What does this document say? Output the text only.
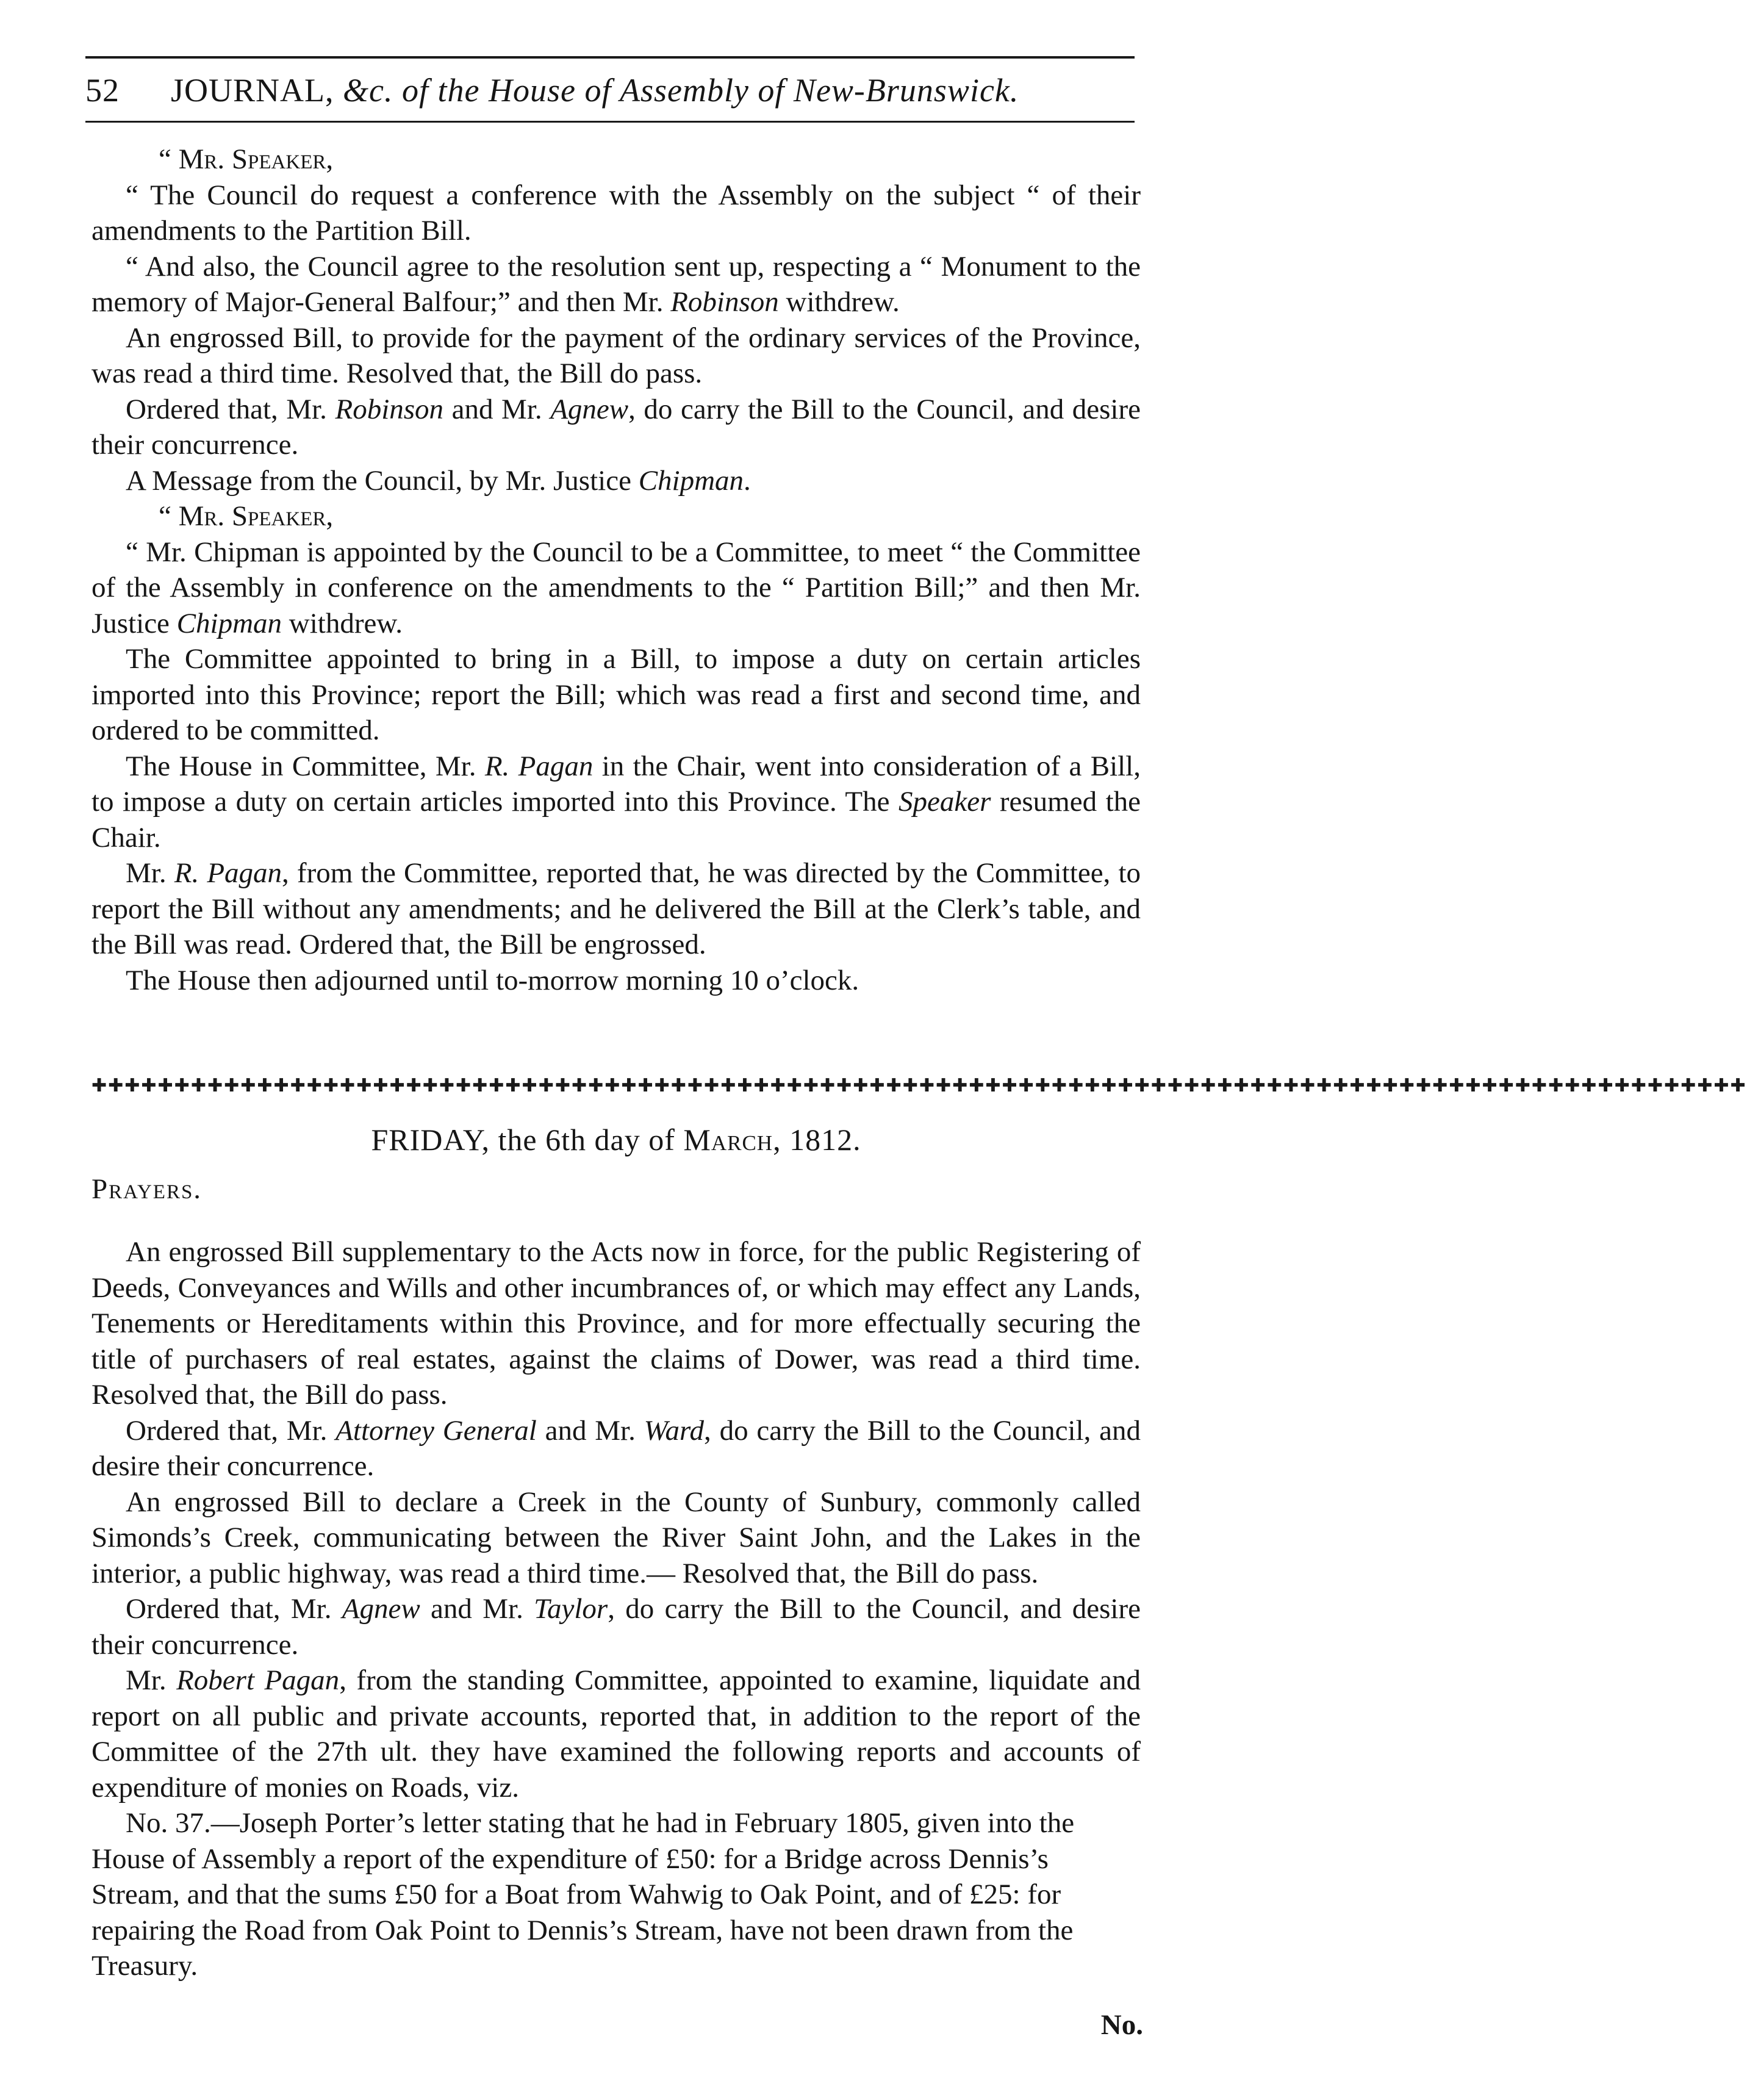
52 JOURNAL, &c. of the House of Assembly of New-Brunswick.

“ Mr. Speaker,

“ The Council do request a conference with the Assembly on the subject “ of their amendments to the Partition Bill.

“ And also, the Council agree to the resolution sent up, respecting a “ Monument to the memory of Major-General Balfour;” and then Mr. Robinson withdrew.

An engrossed Bill, to provide for the payment of the ordinary services of the Province, was read a third time. Resolved that, the Bill do pass.

Ordered that, Mr. Robinson and Mr. Agnew, do carry the Bill to the Council, and desire their concurrence.

A Message from the Council, by Mr. Justice Chipman.

“ Mr. Speaker,

“ Mr. Chipman is appointed by the Council to be a Committee, to meet “ the Committee of the Assembly in conference on the amendments to the “ Partition Bill;” and then Mr. Justice Chipman withdrew.

The Committee appointed to bring in a Bill, to impose a duty on certain articles imported into this Province; report the Bill; which was read a first and second time, and ordered to be committed.

The House in Committee, Mr. R. Pagan in the Chair, went into consideration of a Bill, to impose a duty on certain articles imported into this Province. The Speaker resumed the Chair.

Mr. R. Pagan, from the Committee, reported that, he was directed by the Committee, to report the Bill without any amendments; and he delivered the Bill at the Clerk’s table, and the Bill was read. Ordered that, the Bill be engrossed.

The House then adjourned until to-morrow morning 10 o’clock.

✚✚✚✚✚✚✚✚✚✚✚✚✚✚✚✚✚✚✚✚✚✚✚✚✚✚✚✚✚✚✚✚✚✚✚✚✚✚✚✚✚✚✚✚✚✚✚✚✚✚✚✚✚✚✚✚✚✚✚✚✚✚✚✚✚✚✚✚✚✚✚✚✚✚✚✚✚✚✚✚✚✚✚✚✚✚✚✚✚✚✚✚✚✚✚✚✚✚✚✚
FRIDAY, the 6th day of March, 1812.
Prayers.

An engrossed Bill supplementary to the Acts now in force, for the public Registering of Deeds, Conveyances and Wills and other incumbrances of, or which may effect any Lands, Tenements or Hereditaments within this Province, and for more effectually securing the title of purchasers of real estates, against the claims of Dower, was read a third time. Resolved that, the Bill do pass.

Ordered that, Mr. Attorney General and Mr. Ward, do carry the Bill to the Council, and desire their concurrence.

An engrossed Bill to declare a Creek in the County of Sunbury, commonly called Simonds’s Creek, communicating between the River Saint John, and the Lakes in the interior, a public highway, was read a third time.— Resolved that, the Bill do pass.

Ordered that, Mr. Agnew and Mr. Taylor, do carry the Bill to the Council, and desire their concurrence.

Mr. Robert Pagan, from the standing Committee, appointed to examine, liquidate and report on all public and private accounts, reported that, in addition to the report of the Committee of the 27th ult. they have examined the following reports and accounts of expenditure of monies on Roads, viz.

No. 37.—Joseph Porter’s letter stating that he had in February 1805, given into the House of Assembly a report of the expenditure of £50: for a Bridge across Dennis’s Stream, and that the sums £50 for a Boat from Wahwig to Oak Point, and of £25: for repairing the Road from Oak Point to Dennis’s Stream, have not been drawn from the Treasury.

No.
